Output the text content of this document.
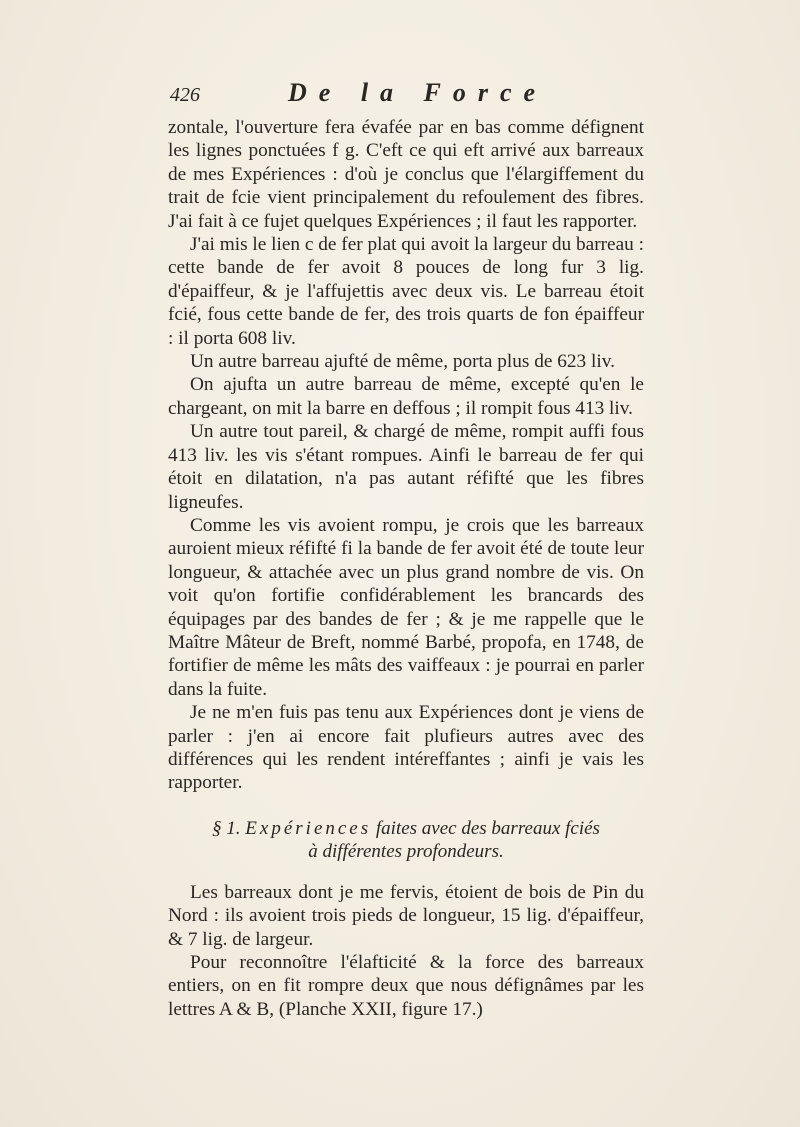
426	De la Force

zontale, l'ouverture fera évafée par en bas comme défignent les lignes ponctuées f g. C'eft ce qui eft arrivé aux barreaux de mes Expériences : d'où je conclus que l'élargiffement du trait de fcie vient principalement du refoulement des fibres. J'ai fait à ce fujet quelques Expériences ; il faut les rapporter.

J'ai mis le lien c de fer plat qui avoit la largeur du barreau : cette bande de fer avoit 8 pouces de long fur 3 lig. d'épaiffeur, & je l'affujettis avec deux vis. Le barreau étoit fcié, fous cette bande de fer, des trois quarts de fon épaiffeur : il porta 608 liv.

Un autre barreau ajufté de même, porta plus de 623 liv.

On ajufta un autre barreau de même, excepté qu'en le chargeant, on mit la barre en deffous ; il rompit fous 413 liv.

Un autre tout pareil, & chargé de même, rompit auffi fous 413 liv. les vis s'étant rompues. Ainfi le barreau de fer qui étoit en dilatation, n'a pas autant réfifté que les fibres ligneufes.

Comme les vis avoient rompu, je crois que les barreaux auroient mieux réfifté fi la bande de fer avoit été de toute leur longueur, & attachée avec un plus grand nombre de vis. On voit qu'on fortifie confidérablement les brancards des équipages par des bandes de fer ; & je me rappelle que le Maître Mâteur de Breft, nommé Barbé, propofa, en 1748, de fortifier de même les mâts des vaiffeaux : je pourrai en parler dans la fuite.

Je ne m'en fuis pas tenu aux Expériences dont je viens de parler : j'en ai encore fait plufieurs autres avec des différences qui les rendent intéreffantes ; ainfi je vais les rapporter.

§ 1. Expériences faites avec des barreaux fciés
à différentes profondeurs.

Les barreaux dont je me fervis, étoient de bois de Pin du Nord : ils avoient trois pieds de longueur, 15 lig. d'épaiffeur, & 7 lig. de largeur.

Pour reconnoître l'élafticité & la force des barreaux entiers, on en fit rompre deux que nous défignâmes par les lettres A & B, (Planche XXII, figure 17.)
